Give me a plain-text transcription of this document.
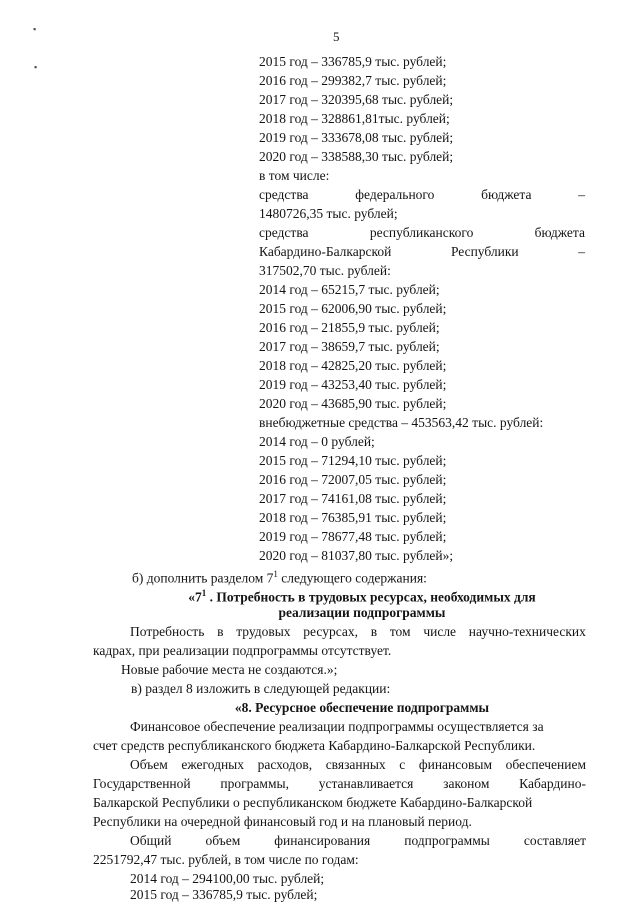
5
2015 год – 336785,9 тыс. рублей;
2016 год – 299382,7 тыс. рублей;
2017 год – 320395,68 тыс. рублей;
2018 год – 328861,81тыс. рублей;
2019 год – 333678,08 тыс. рублей;
2020 год – 338588,30 тыс. рублей;
в том числе:
средства	федерального	бюджета	–
1480726,35 тыс. рублей;
средства	республиканского	бюджета
Кабардино-Балкарской	Республики	–
317502,70 тыс. рублей:
2014 год – 65215,7 тыс. рублей;
2015 год – 62006,90 тыс. рублей;
2016 год – 21855,9 тыс. рублей;
2017 год – 38659,7 тыс. рублей;
2018 год – 42825,20 тыс. рублей;
2019 год – 43253,40 тыс. рублей;
2020 год – 43685,90 тыс. рублей;
внебюджетные средства – 453563,42 тыс. рублей:
2014 год – 0 рублей;
2015 год – 71294,10 тыс. рублей;
2016 год – 72007,05 тыс. рублей;
2017 год – 74161,08 тыс. рублей;
2018 год – 76385,91 тыс. рублей;
2019 год – 78677,48 тыс. рублей;
2020 год – 81037,80 тыс. рублей»;
б) дополнить разделом $7^1$ следующего содержания:
«$7^1$ . Потребность в трудовых ресурсах, необходимых для
реализации подпрограммы
Потребность в трудовых ресурсах, в том числе научно-технических
кадрах, при реализации подпрограммы отсутствует.
Новые рабочие места не создаются.»;
в) раздел 8 изложить в следующей редакции:
«8. Ресурсное обеспечение подпрограммы
Финансовое обеспечение реализации подпрограммы осуществляется за
счет средств республиканского бюджета Кабардино-Балкарской Республики.
Объем ежегодных расходов, связанных с финансовым обеспечением
Государственной программы, устанавливается законом Кабардино-
Балкарской Республики о республиканском бюджете Кабардино-Балкарской
Республики на очередной финансовый год и на плановый период.
Общий	объем	финансирования	подпрограммы	составляет
2251792,47 тыс. рублей, в том числе по годам:
2014 год – 294100,00 тыс. рублей;
2015 год – 336785,9 тыс. рублей;
▪
▪
